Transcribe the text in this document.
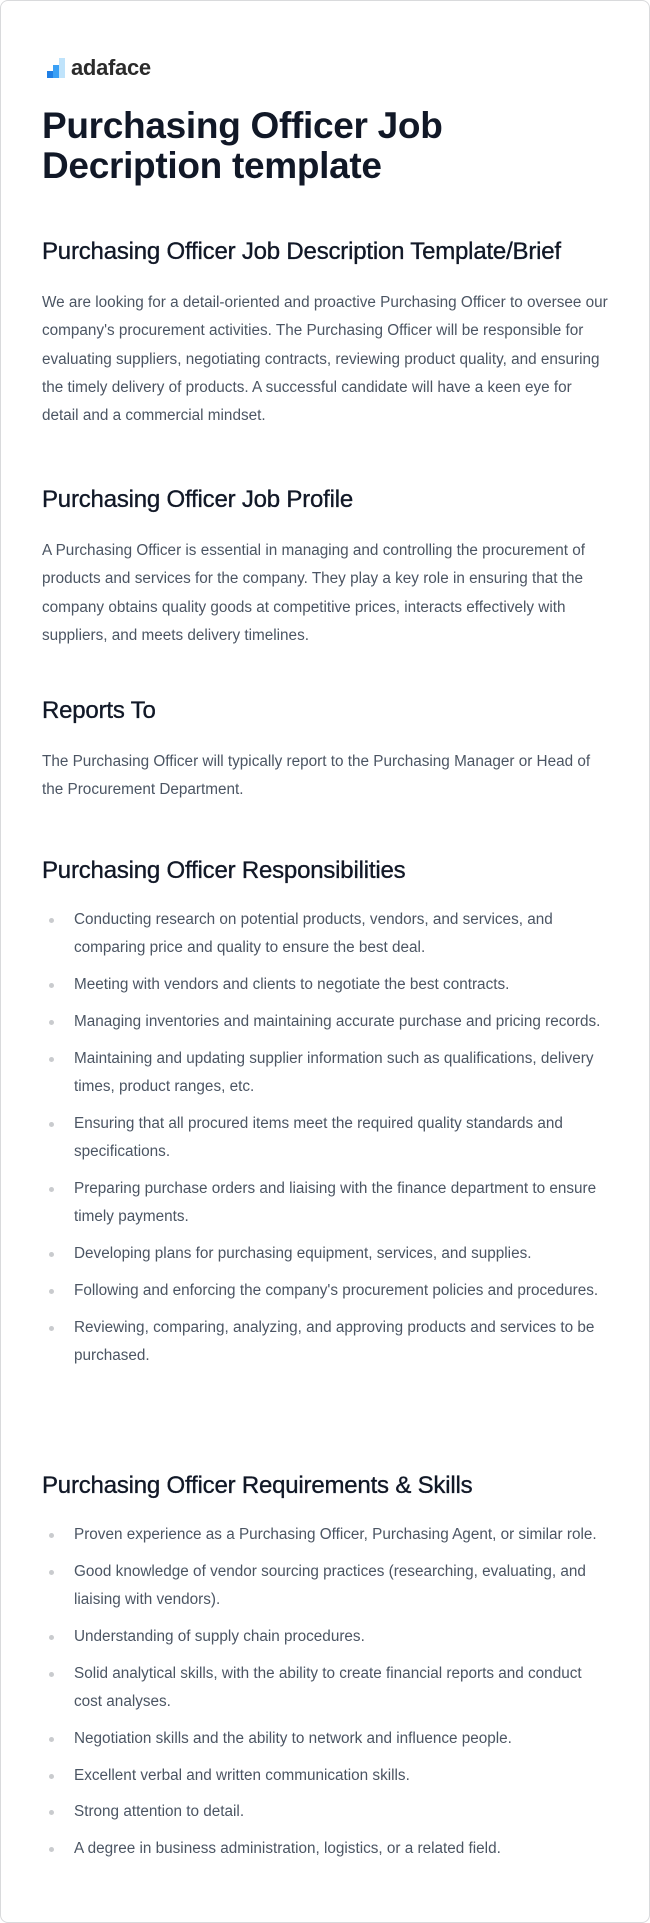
adaface
Purchasing Officer Job Decription template
Purchasing Officer Job Description Template/Brief

We are looking for a detail-oriented and proactive Purchasing Officer to oversee our company's procurement activities. The Purchasing Officer will be responsible for evaluating suppliers, negotiating contracts, reviewing product quality, and ensuring the timely delivery of products. A successful candidate will have a keen eye for detail and a commercial mindset.

Purchasing Officer Job Profile

A Purchasing Officer is essential in managing and controlling the procurement of products and services for the company. They play a key role in ensuring that the company obtains quality goods at competitive prices, interacts effectively with suppliers, and meets delivery timelines.

Reports To

The Purchasing Officer will typically report to the Purchasing Manager or Head of the Procurement Department.

Purchasing Officer Responsibilities
Conducting research on potential products, vendors, and services, and comparing price and quality to ensure the best deal.
Meeting with vendors and clients to negotiate the best contracts.
Managing inventories and maintaining accurate purchase and pricing records.
Maintaining and updating supplier information such as qualifications, delivery times, product ranges, etc.
Ensuring that all procured items meet the required quality standards and specifications.
Preparing purchase orders and liaising with the finance department to ensure timely payments.
Developing plans for purchasing equipment, services, and supplies.
Following and enforcing the company's procurement policies and procedures.
Reviewing, comparing, analyzing, and approving products and services to be purchased.
Purchasing Officer Requirements & Skills
Proven experience as a Purchasing Officer, Purchasing Agent, or similar role.
Good knowledge of vendor sourcing practices (researching, evaluating, and liaising with vendors).
Understanding of supply chain procedures.
Solid analytical skills, with the ability to create financial reports and conduct cost analyses.
Negotiation skills and the ability to network and influence people.
Excellent verbal and written communication skills.
Strong attention to detail.
A degree in business administration, logistics, or a related field.
